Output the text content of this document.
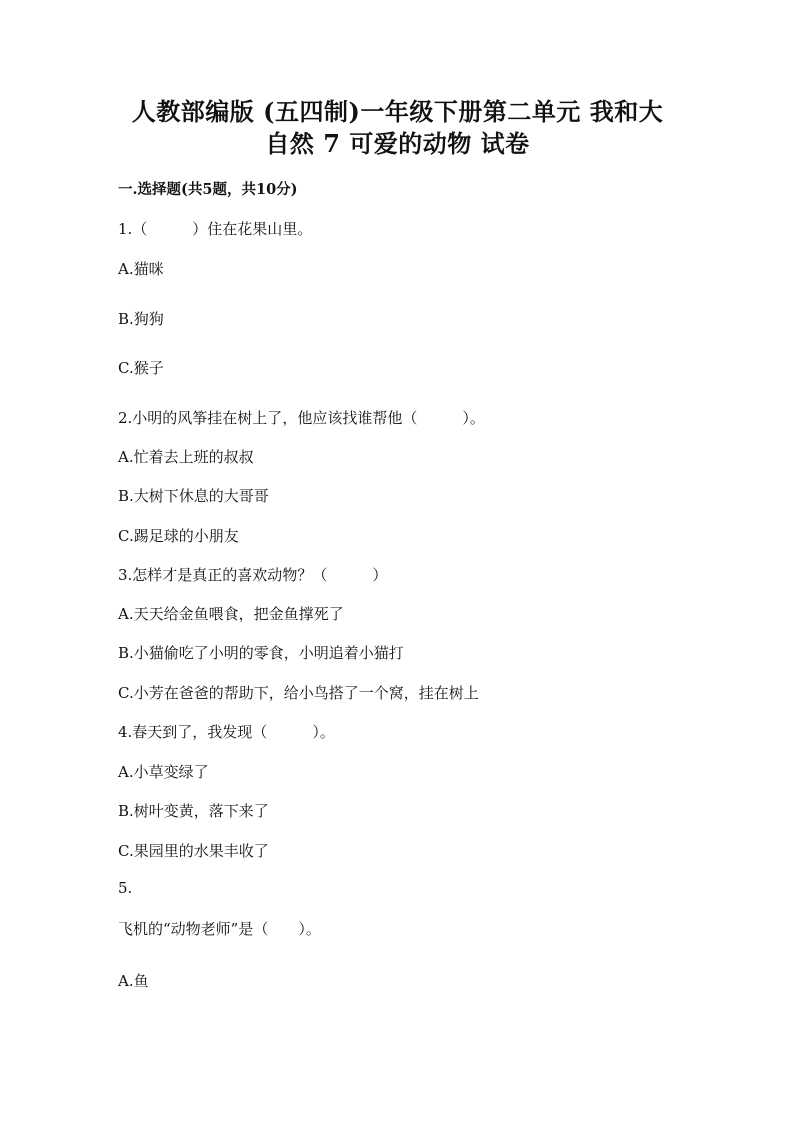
人教部编版 (五四制)一年级下册第二单元 我和大
自然 7 可爱的动物 试卷
一.选择题(共5题，共10分)
1.（　　　）住在花果山里。
A.猫咪
B.狗狗
C.猴子
2.小明的风筝挂在树上了，他应该找谁帮他（　　　）。
A.忙着去上班的叔叔
B.大树下休息的大哥哥
C.踢足球的小朋友
3.怎样才是真正的喜欢动物？（　　　）
A.天天给金鱼喂食，把金鱼撑死了
B.小猫偷吃了小明的零食，小明追着小猫打
C.小芳在爸爸的帮助下，给小鸟搭了一个窝，挂在树上
4.春天到了，我发现（　　　）。
A.小草变绿了
B.树叶变黄，落下来了
C.果园里的水果丰收了
5.
飞机的“动物老师”是（　　）。
A.鱼
